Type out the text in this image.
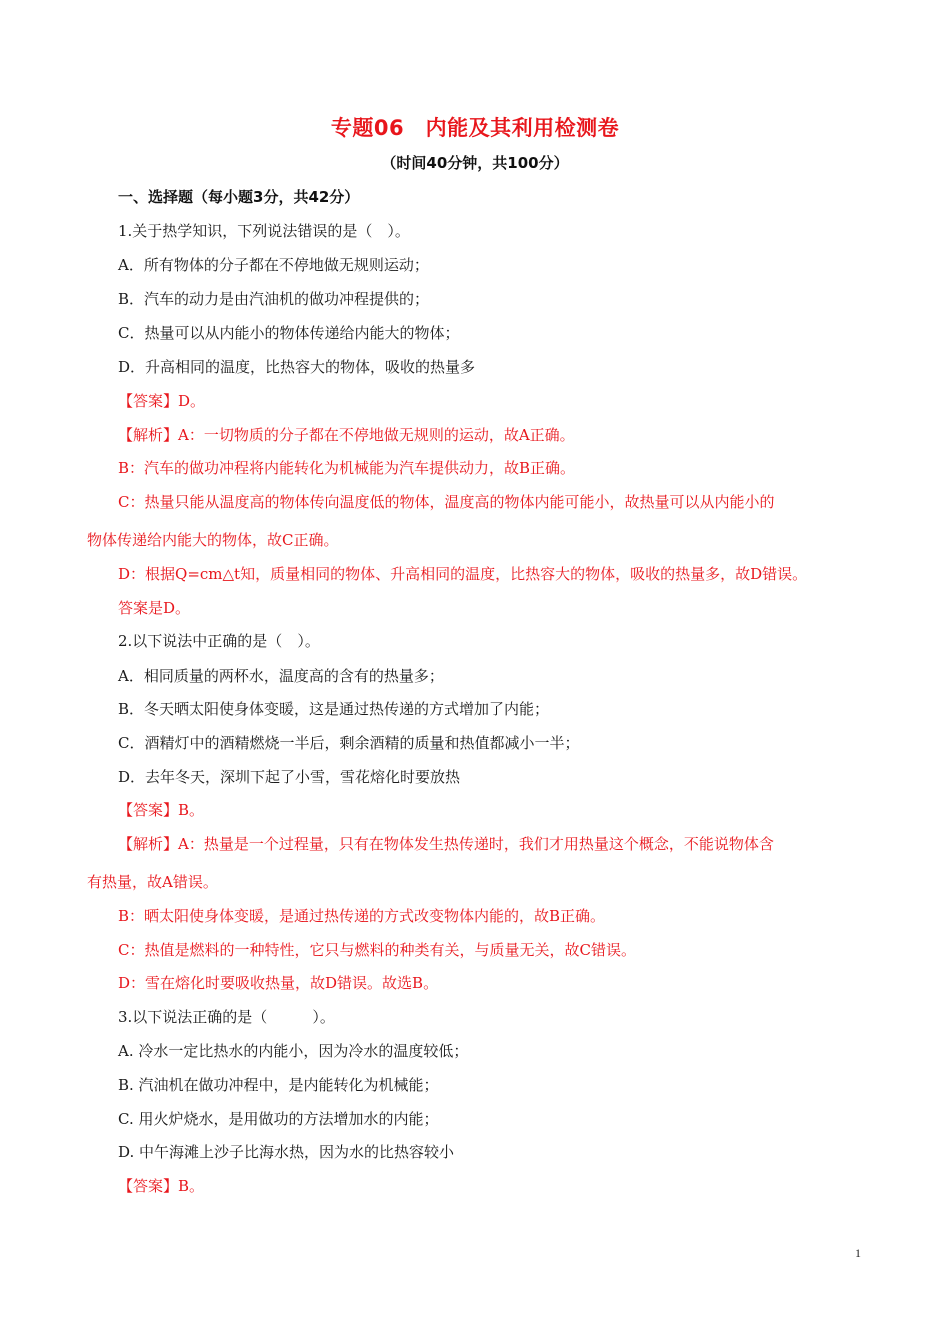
专题06　内能及其利用检测卷
（时间40分钟，共100分）
一、选择题（每小题3分，共42分）
1.关于热学知识，下列说法错误的是（　）。
A．所有物体的分子都在不停地做无规则运动；
B．汽车的动力是由汽油机的做功冲程提供的；
C．热量可以从内能小的物体传递给内能大的物体；
D．升高相同的温度，比热容大的物体，吸收的热量多
【答案】D。
【解析】A：一切物质的分子都在不停地做无规则的运动，故A正确。
B：汽车的做功冲程将内能转化为机械能为汽车提供动力，故B正确。
C：热量只能从温度高的物体传向温度低的物体，温度高的物体内能可能小，故热量可以从内能小的
物体传递给内能大的物体，故C正确。
D：根据Q=cm△t知，质量相同的物体、升高相同的温度，比热容大的物体，吸收的热量多，故D错误。
答案是D。
2.以下说法中正确的是（　）。
A．相同质量的两杯水，温度高的含有的热量多；
B．冬天晒太阳使身体变暖，这是通过热传递的方式增加了内能；
C．酒精灯中的酒精燃烧一半后，剩余酒精的质量和热值都减小一半；
D．去年冬天，深圳下起了小雪，雪花熔化时要放热
【答案】B。
【解析】A：热量是一个过程量，只有在物体发生热传递时，我们才用热量这个概念，不能说物体含
有热量，故A错误。
B：晒太阳使身体变暖，是通过热传递的方式改变物体内能的，故B正确。
C：热值是燃料的一种特性，它只与燃料的种类有关，与质量无关，故C错误。
D：雪在熔化时要吸收热量，故D错误。故选B。
3.以下说法正确的是（　　　）。
A. 冷水一定比热水的内能小，因为冷水的温度较低；
B. 汽油机在做功冲程中，是内能转化为机械能；
C. 用火炉烧水，是用做功的方法增加水的内能；
D. 中午海滩上沙子比海水热，因为水的比热容较小
【答案】B。
1
